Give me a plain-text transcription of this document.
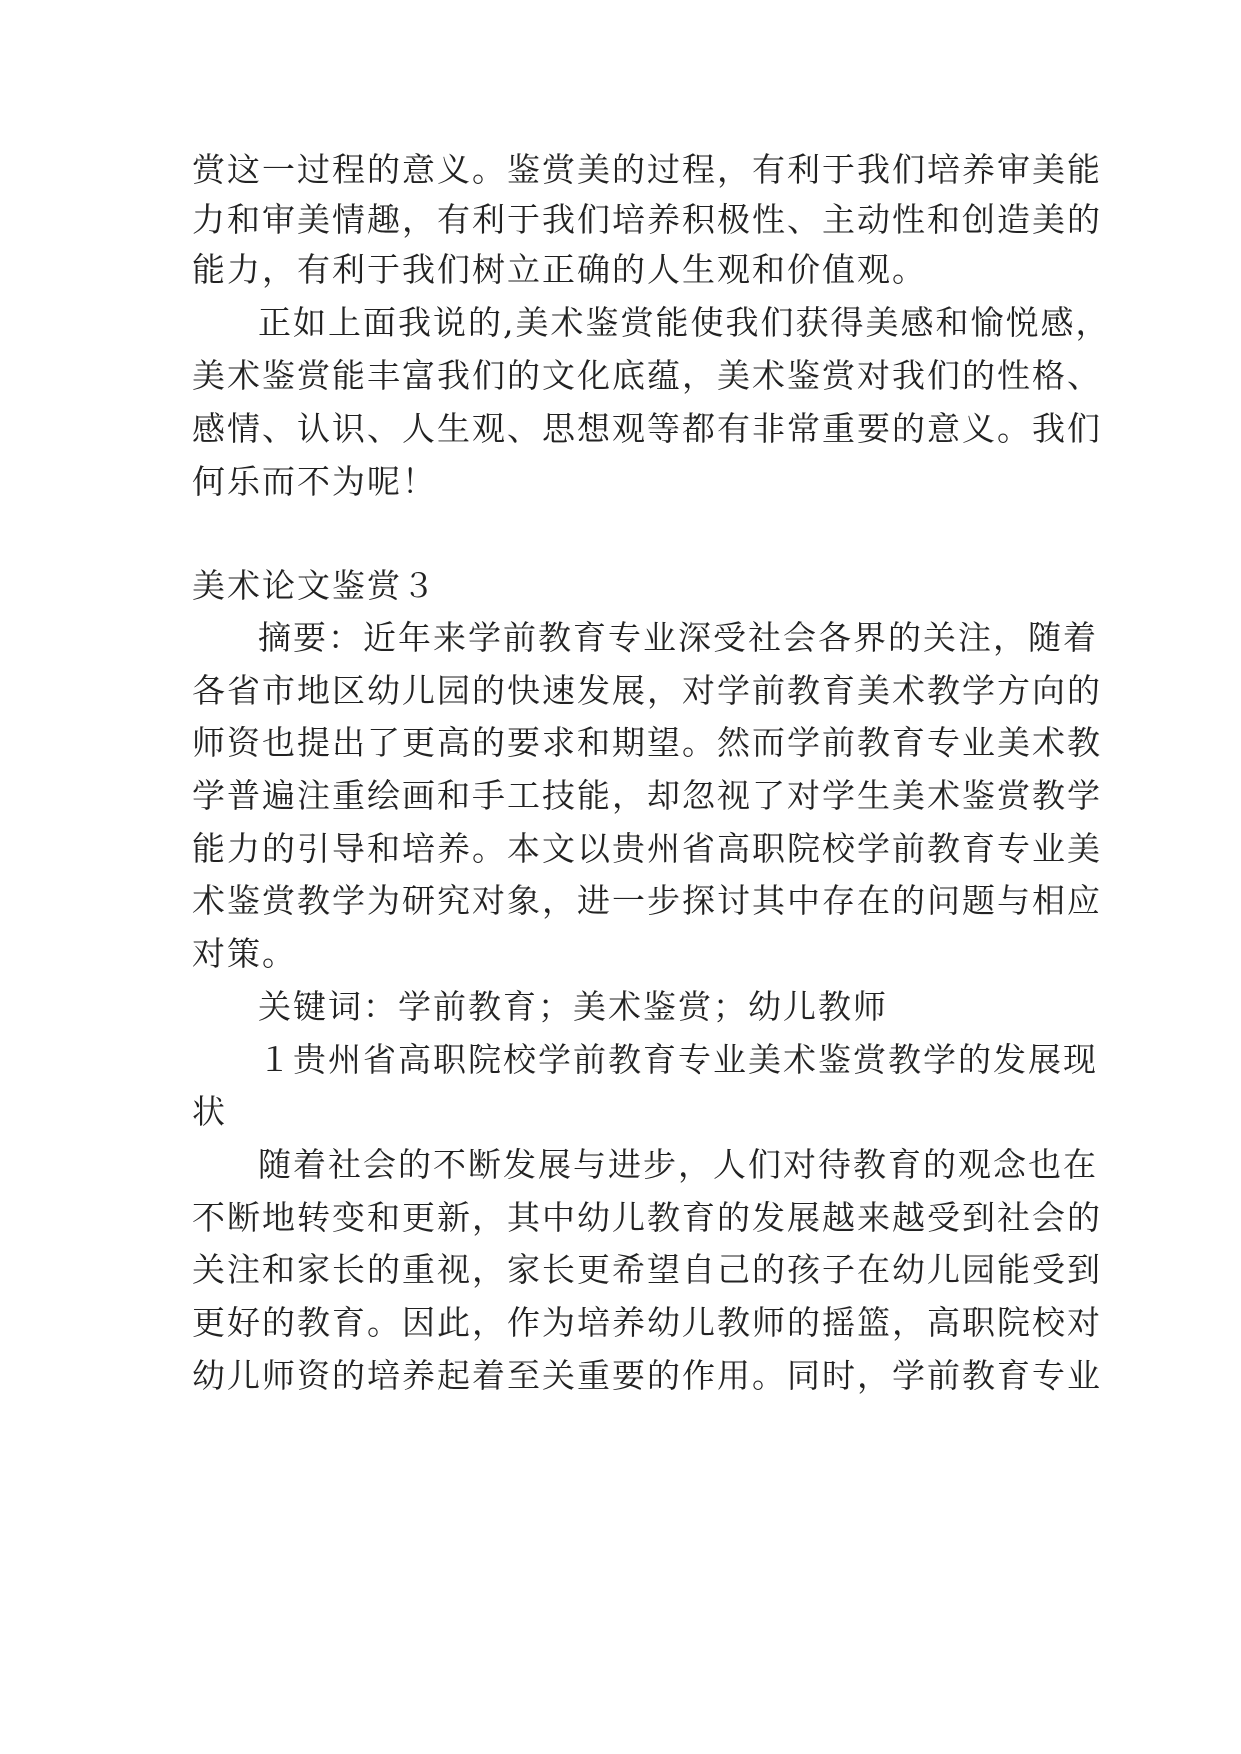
赏这一过程的意义。鉴赏美的过程，有利于我们培养审美能

力和审美情趣，有利于我们培养积极性、主动性和创造美的

能力，有利于我们树立正确的人生观和价值观。

正如上面我说的,美术鉴赏能使我们获得美感和愉悦感，

美术鉴赏能丰富我们的文化底蕴，美术鉴赏对我们的性格、

感情、认识、人生观、思想观等都有非常重要的意义。我们

何乐而不为呢！

美术论文鉴赏３

摘要：近年来学前教育专业深受社会各界的关注，随着

各省市地区幼儿园的快速发展，对学前教育美术教学方向的

师资也提出了更高的要求和期望。然而学前教育专业美术教

学普遍注重绘画和手工技能，却忽视了对学生美术鉴赏教学

能力的引导和培养。本文以贵州省高职院校学前教育专业美

术鉴赏教学为研究对象，进一步探讨其中存在的问题与相应

对策。

关键词：学前教育；美术鉴赏；幼儿教师

１贵州省高职院校学前教育专业美术鉴赏教学的发展现

状

随着社会的不断发展与进步，人们对待教育的观念也在

不断地转变和更新，其中幼儿教育的发展越来越受到社会的

关注和家长的重视，家长更希望自己的孩子在幼儿园能受到

更好的教育。因此，作为培养幼儿教师的摇篮，高职院校对

幼儿师资的培养起着至关重要的作用。同时，学前教育专业
